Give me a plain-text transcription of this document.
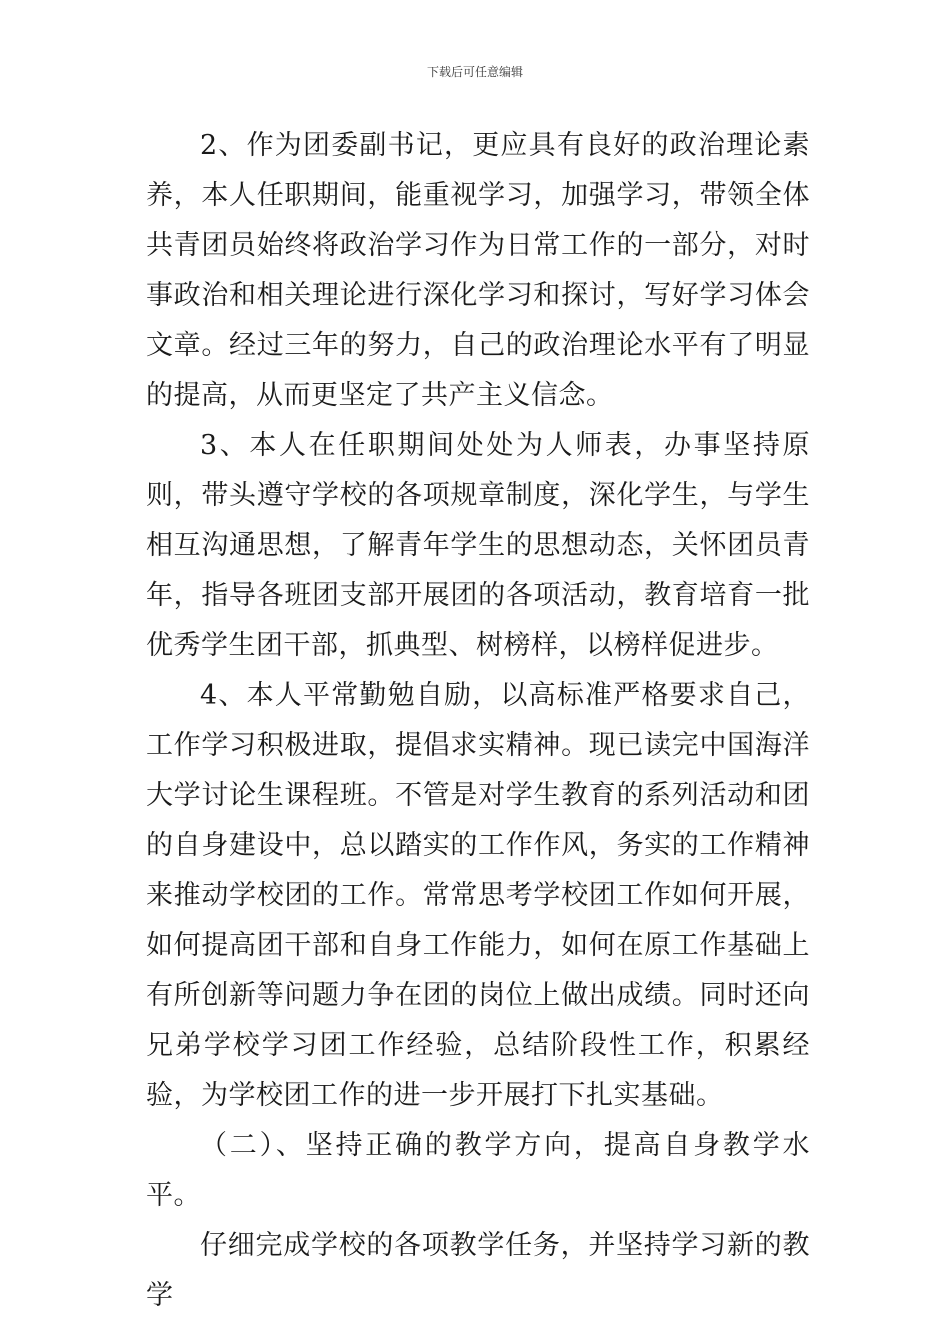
下载后可任意编辑

2、作为团委副书记，更应具有良好的政治理论素养，本人任职期间，能重视学习，加强学习，带领全体共青团员始终将政治学习作为日常工作的一部分，对时事政治和相关理论进行深化学习和探讨，写好学习体会文章。经过三年的努力，自己的政治理论水平有了明显的提高，从而更坚定了共产主义信念。

3、本人在任职期间处处为人师表，办事坚持原则，带头遵守学校的各项规章制度，深化学生，与学生相互沟通思想，了解青年学生的思想动态，关怀团员青年，指导各班团支部开展团的各项活动，教育培育一批优秀学生团干部，抓典型、树榜样，以榜样促进步。

4、本人平常勤勉自励，以高标准严格要求自己，工作学习积极进取，提倡求实精神。现已读完中国海洋大学讨论生课程班。不管是对学生教育的系列活动和团的自身建设中，总以踏实的工作作风，务实的工作精神来推动学校团的工作。常常思考学校团工作如何开展，如何提高团干部和自身工作能力，如何在原工作基础上有所创新等问题力争在团的岗位上做出成绩。同时还向兄弟学校学习团工作经验，总结阶段性工作，积累经验，为学校团工作的进一步开展打下扎实基础。

（二）、坚持正确的教学方向，提高自身教学水平。

仔细完成学校的各项教学任务，并坚持学习新的教学
